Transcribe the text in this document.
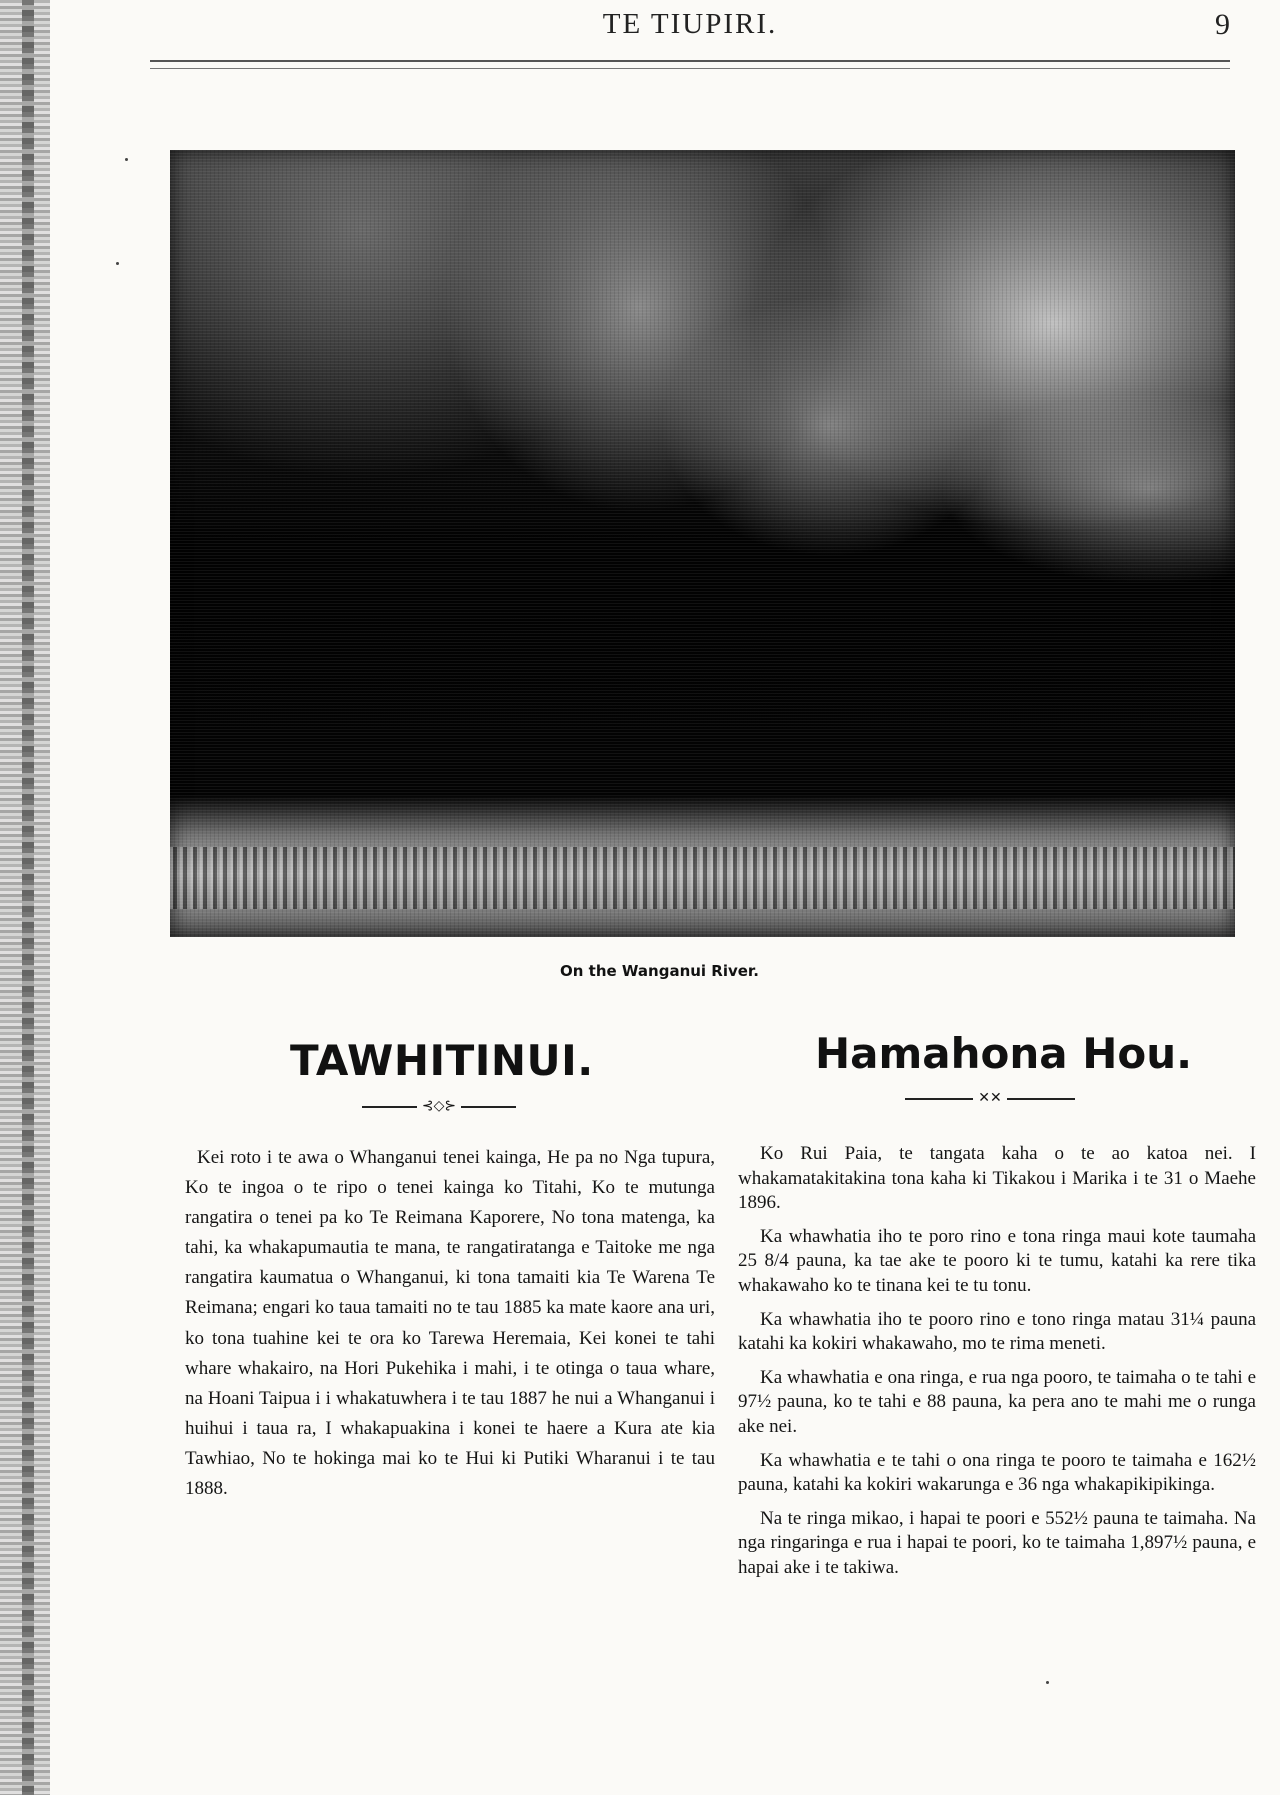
TE TIUPIRI.	9
On the Wanganui River.
TAWHITINUI.
⊰◇⊱
Hamahona Hou.
✕✕

Kei roto i te awa o Whanganui tenei kainga, He pa no Nga tupura, Ko te ingoa o te ripo o tenei kainga ko Titahi, Ko te mutunga rangatira o tenei pa ko Te Reimana Kaporere, No tona matenga, ka tahi, ka whakapumautia te mana, te rangatiratanga e Taitoke me nga rangatira kaumatua o Whanganui, ki tona tamaiti kia Te Warena Te Reimana; engari ko taua tamaiti no te tau 1885 ka mate kaore ana uri, ko tona tuahine kei te ora ko Tarewa Heremaia, Kei konei te tahi whare whakairo, na Hori Pukehika i mahi, i te otinga o taua whare, na Hoani Taipua i i whakatuwhera i te tau 1887 he nui a Whanganui i huihui i taua ra, I whakapuakina i konei te haere a Kura ate kia Tawhiao, No te hokinga mai ko te Hui ki Putiki Wharanui i te tau 1888.

Ko Rui Paia, te tangata kaha o te ao katoa nei. I whakamatakitakina tona kaha ki Tikakou i Marika i te 31 o Maehe 1896.

Ka whawhatia iho te poro rino e tona ringa maui kote taumaha 25 8/4 pauna, ka tae ake te pooro ki te tumu, katahi ka rere tika whakawaho ko te tinana kei te tu tonu.

Ka whawhatia iho te pooro rino e tono ringa matau 31¼ pauna katahi ka kokiri whakawaho, mo te rima meneti.

Ka whawhatia e ona ringa, e rua nga pooro, te taimaha o te tahi e 97½ pauna, ko te tahi e 88 pauna, ka pera ano te mahi me o runga ake nei.

Ka whawhatia e te tahi o ona ringa te pooro te taimaha e 162½ pauna, katahi ka kokiri wakarunga e 36 nga whakapikipikinga.

Na te ringa mikao, i hapai te poori e 552½ pauna te taimaha. Na nga ringaringa e rua i hapai te poori, ko te taimaha 1,897½ pauna, e hapai ake i te takiwa.
